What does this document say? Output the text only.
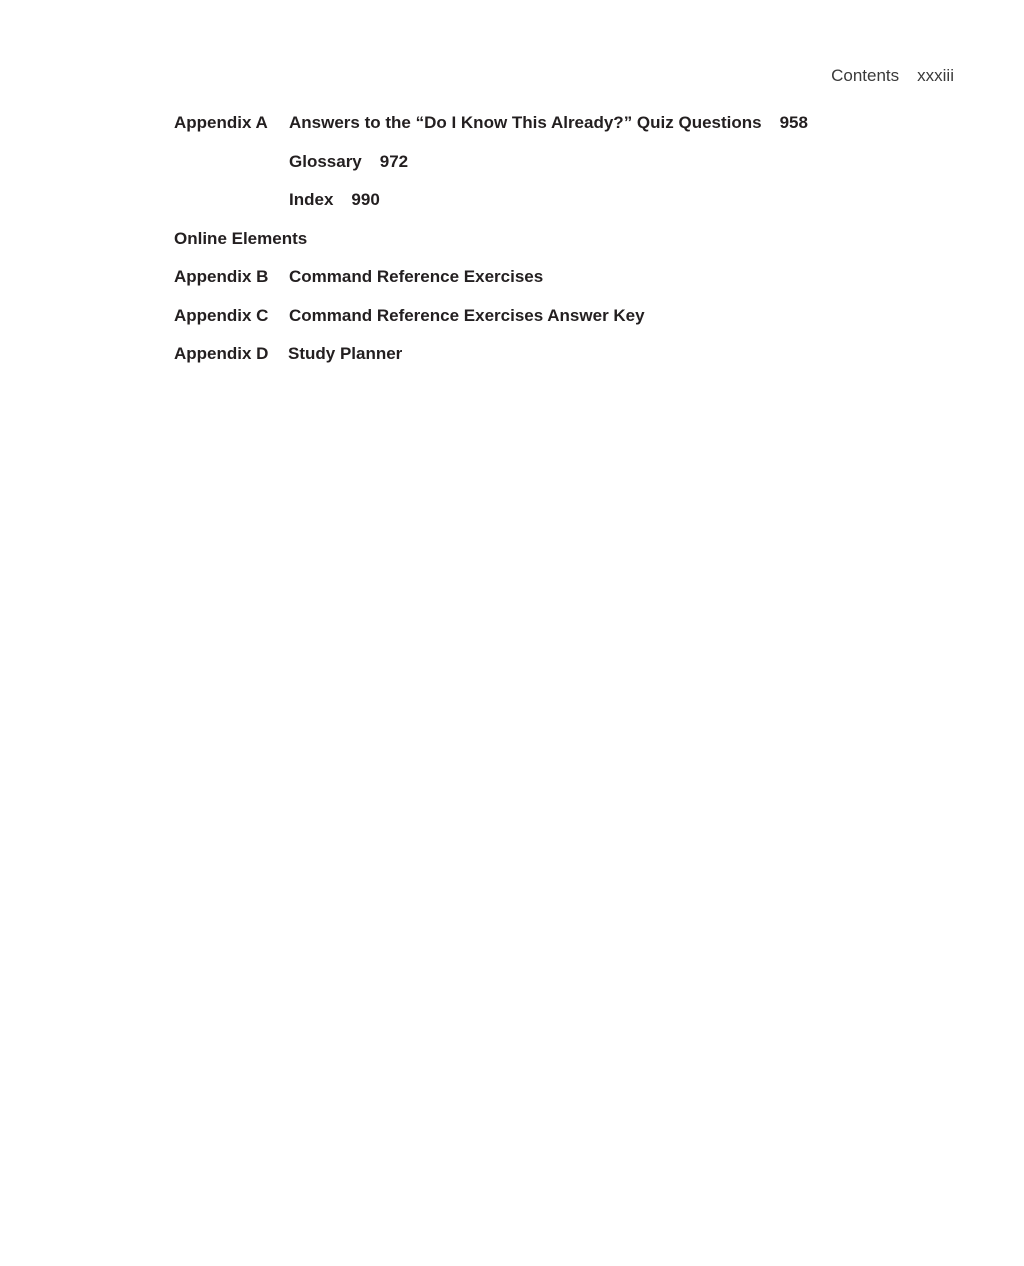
Contents xxxiii
Appendix A Answers to the “Do I Know This Already?” Quiz Questions 958
Glossary 972
Index 990
Online Elements
Appendix B Command Reference Exercises
Appendix C Command Reference Exercises Answer Key
Appendix D Study Planner
